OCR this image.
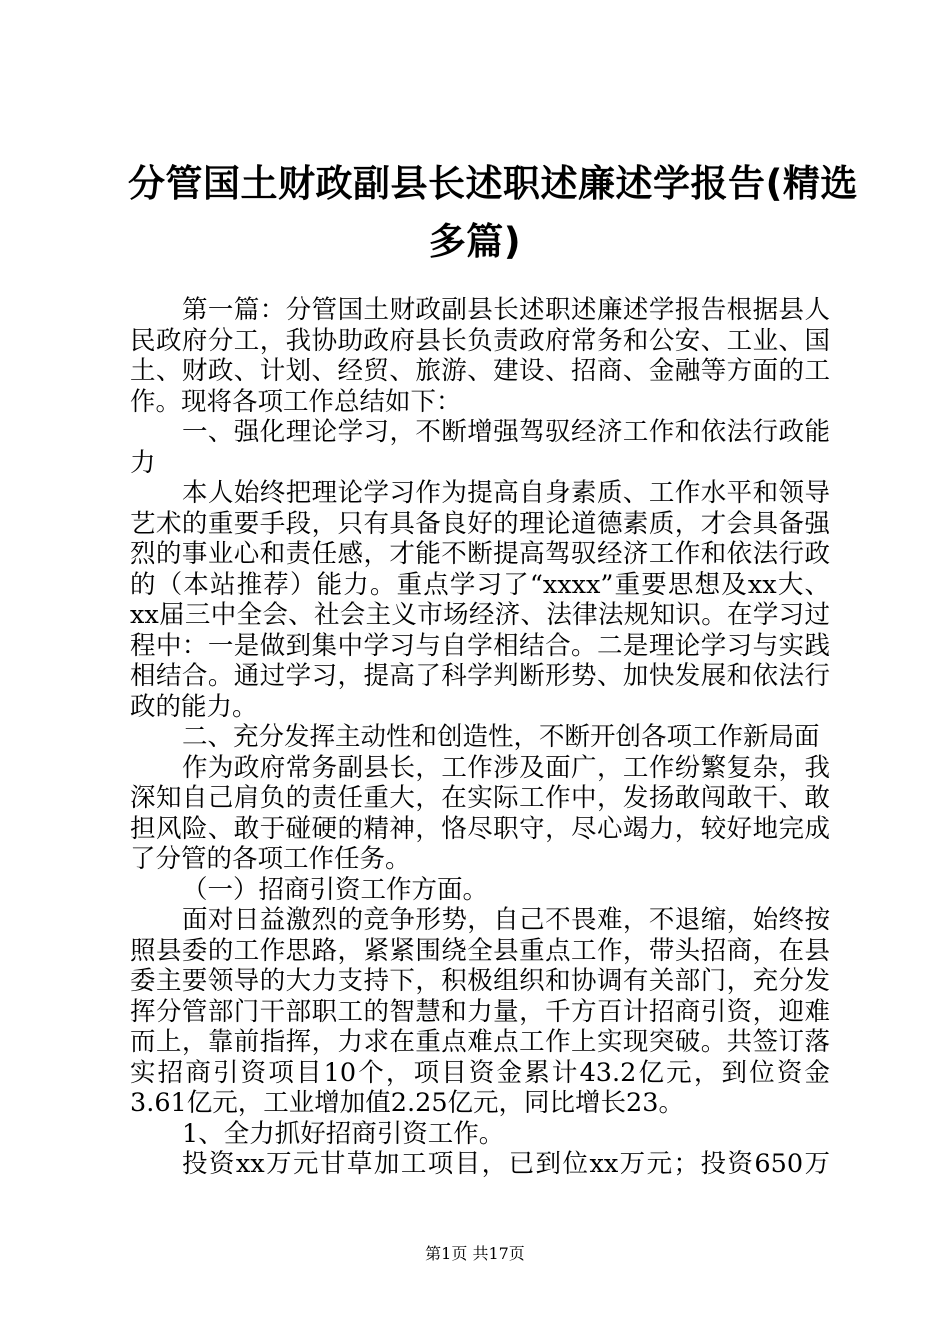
分管国土财政副县长述职述廉述学报告(精选
多篇)
第一篇：分管国土财政副县长述职述廉述学报告根据县人
民政府分工，我协助政府县长负责政府常务和公安、工业、国
土、财政、计划、经贸、旅游、建设、招商、金融等方面的工
作。现将各项工作总结如下：
一、强化理论学习，不断增强驾驭经济工作和依法行政能
力
本人始终把理论学习作为提高自身素质、工作水平和领导
艺术的重要手段，只有具备良好的理论道德素质，才会具备强
烈的事业心和责任感，才能不断提高驾驭经济工作和依法行政
的（本站推荐）能力。重点学习了“xxxx”重要思想及xx大、
xx届三中全会、社会主义市场经济、法律法规知识。在学习过
程中：一是做到集中学习与自学相结合。二是理论学习与实践
相结合。通过学习，提高了科学判断形势、加快发展和依法行
政的能力。
二、充分发挥主动性和创造性，不断开创各项工作新局面
作为政府常务副县长，工作涉及面广，工作纷繁复杂，我
深知自己肩负的责任重大，在实际工作中，发扬敢闯敢干、敢
担风险、敢于碰硬的精神，恪尽职守，尽心竭力，较好地完成
了分管的各项工作任务。
（一）招商引资工作方面。
面对日益激烈的竞争形势，自己不畏难，不退缩，始终按
照县委的工作思路，紧紧围绕全县重点工作，带头招商，在县
委主要领导的大力支持下，积极组织和协调有关部门，充分发
挥分管部门干部职工的智慧和力量，千方百计招商引资，迎难
而上，靠前指挥，力求在重点难点工作上实现突破。共签订落
实招商引资项目10个，项目资金累计43.2亿元，到位资金
3.61亿元，工业增加值2.25亿元，同比增长23。
1、全力抓好招商引资工作。
投资xx万元甘草加工项目，已到位xx万元；投资650万
第1页 共17页
